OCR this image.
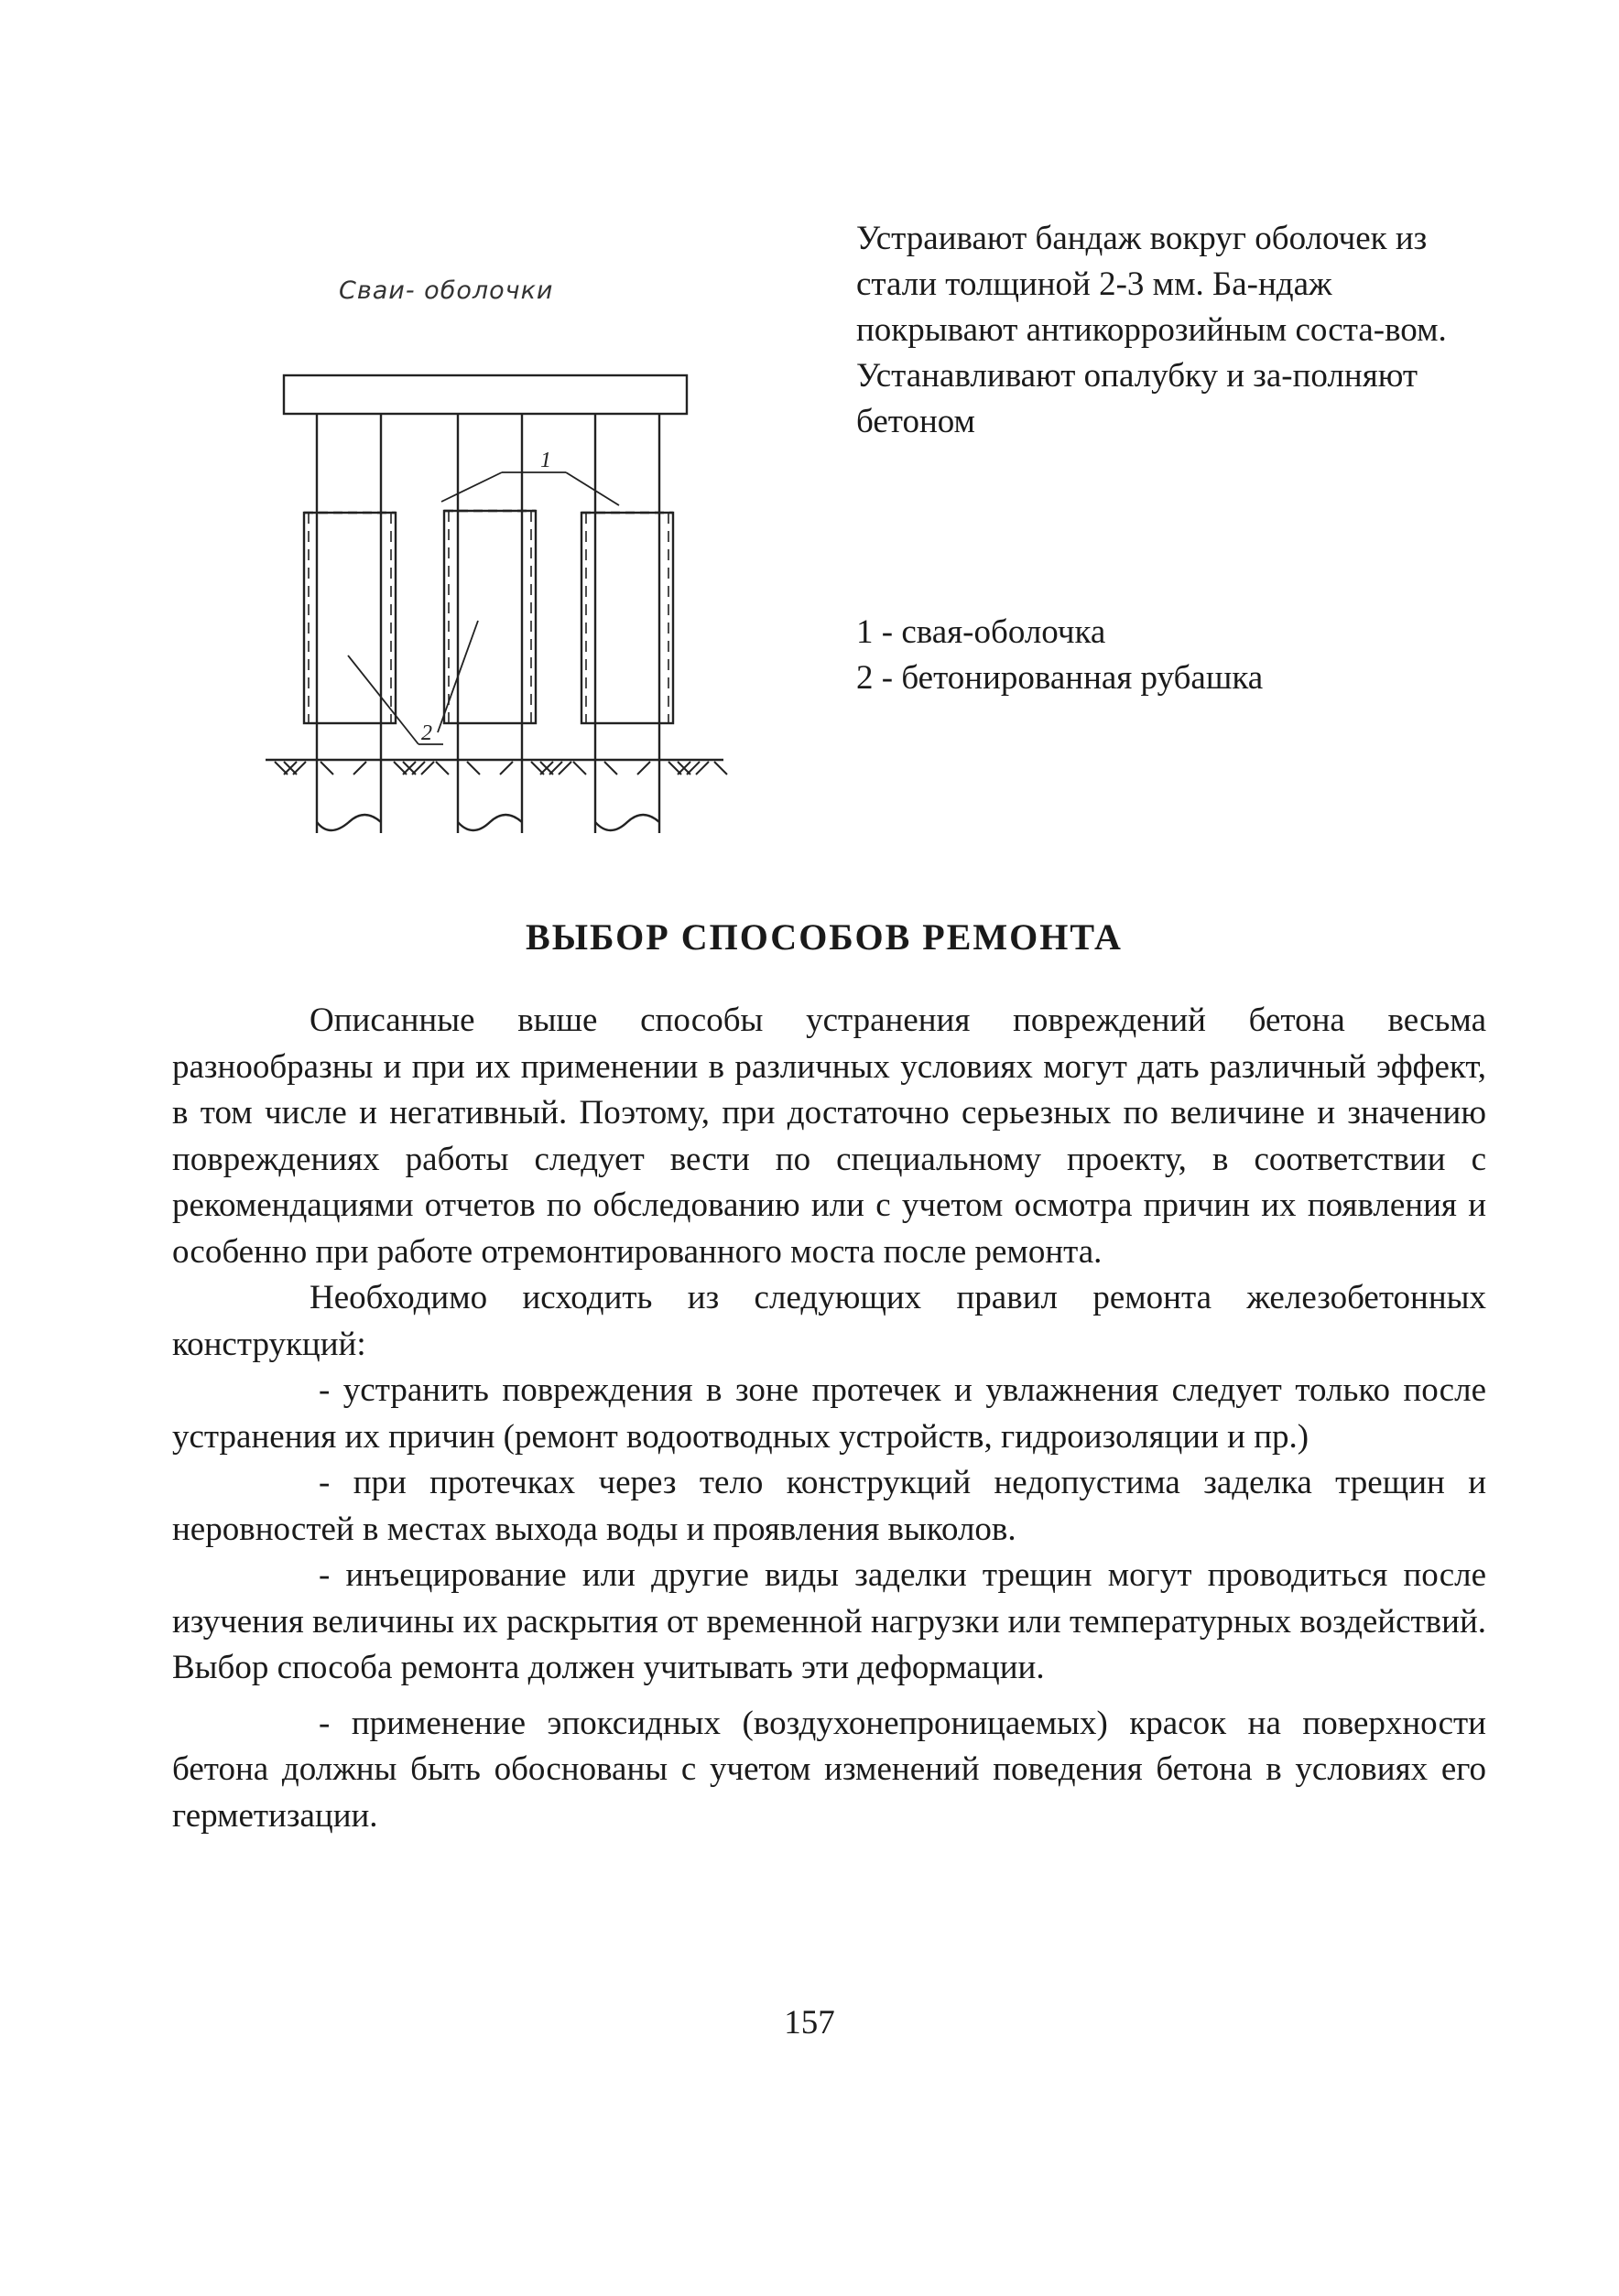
Сваи- оболочки
1
2

Устраивают бандаж вокруг оболочек из стали толщиной 2-3 мм. Ба-ндаж покрывают антикоррозийным соста-вом. Устанавливают опалубку и за-полняют бетоном

1 - свая-оболочка
2 - бетонированная рубашка
ВЫБОР СПОСОБОВ РЕМОНТА

Описанные выше способы устранения повреждений бетона весьма разнообразны и при их применении в различных условиях могут дать различный эффект, в том числе и негативный. Поэтому, при достаточно серьезных по величине и значению повреждениях работы следует вести по специальному проекту, в соответствии с рекомендациями отчетов по обследованию или с учетом осмотра причин их появления и особенно при работе отремонтированного моста после ремонта.

Необходимо исходить из следующих правил ремонта железобетонных конструкций:

- устранить повреждения в зоне протечек и увлажнения следует только после устранения их причин (ремонт водоотводных устройств, гидроизоляции и пр.)

- при протечках через тело конструкций недопустима заделка трещин и неровностей в местах выхода воды и проявления выколов.

- инъецирование или другие виды заделки трещин могут проводиться после изучения величины их раскрытия от временной нагрузки или температурных воздействий. Выбор способа ремонта должен учитывать эти деформации.

- применение эпоксидных (воздухонепроницаемых) красок на поверхности бетона должны быть обоснованы с учетом изменений поведения бетона в условиях его герметизации.

157
